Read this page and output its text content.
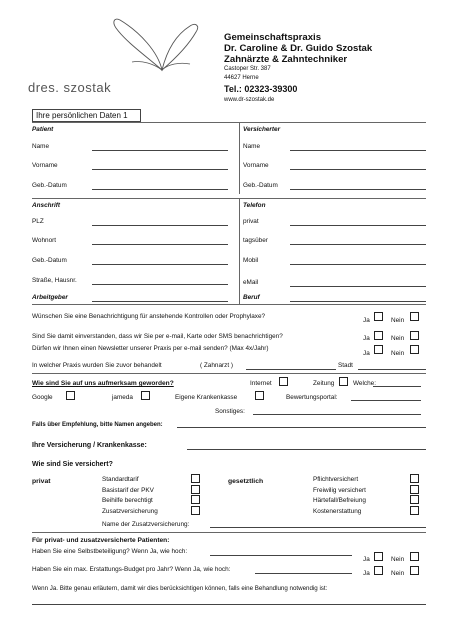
dres. szostak
Gemeinschaftspraxis
Dr. Caroline & Dr. Guido Szostak
Zahnärzte & Zahntechniker
Castoper Str. 387
44627 Herne
Tel.: 02323-39300
www.dr-szostak.de
Ihre persönlichen Daten 1
Patient	Versicherter
Name	Name
Vorname	Vorname
Geb.-Datum	Geb.-Datum
Anschrift	Telefon
PLZ	privat
Wohnort	tagsüber
Geb.-Datum	Mobil
Straße, Hausnr.	eMail
Arbeitgeber	Beruf
Wünschen Sie eine Benachrichtigung für anstehende Kontrollen oder Prophylaxe?
Ja	Nein
Sind Sie damit einverstanden, dass wir Sie per e-mail, Karte oder SMS benachrichtigen?	Ja	Nein
Dürfen wir Ihnen einen Newsletter unserer Praxis per e-mail senden? (Max 4x/Jahr)
Ja	Nein
In welcher Praxis wurden Sie zuvor behandelt	( Zahnarzt )	Stadt
Wie sind Sie auf uns aufmerksam geworden?	Internet	Zeitung	Welche:
Google	jameda	Eigene Krankenkasse	Bewertungsportal:
Sonstiges:
Falls über Empfehlung, bitte Namen angeben:
Ihre Versicherung / Krankenkasse:
Wie sind Sie versichert?
privat	Standardtarif
Basistarif der PKV
Beihilfe berechtigt
Zusatzversicherung
gesetztlich	Pflichtversichert
Freiwilig versichert
Härtefall/Befreiung
Kostenerstattung
Name der Zusatzversicherung:
Für privat- und zusatzversicherte Patienten:
Haben Sie eine Selbstbeteiligung? Wenn Ja, wie hoch:
Ja	Nein
Haben Sie ein max. Erstattungs-Budget pro Jahr? Wenn Ja, wie hoch:
Ja	Nein
Wenn Ja. Bitte genau erläutern, damit wir dies berücksichtigen können, falls eine Behandlung notwendig ist:
